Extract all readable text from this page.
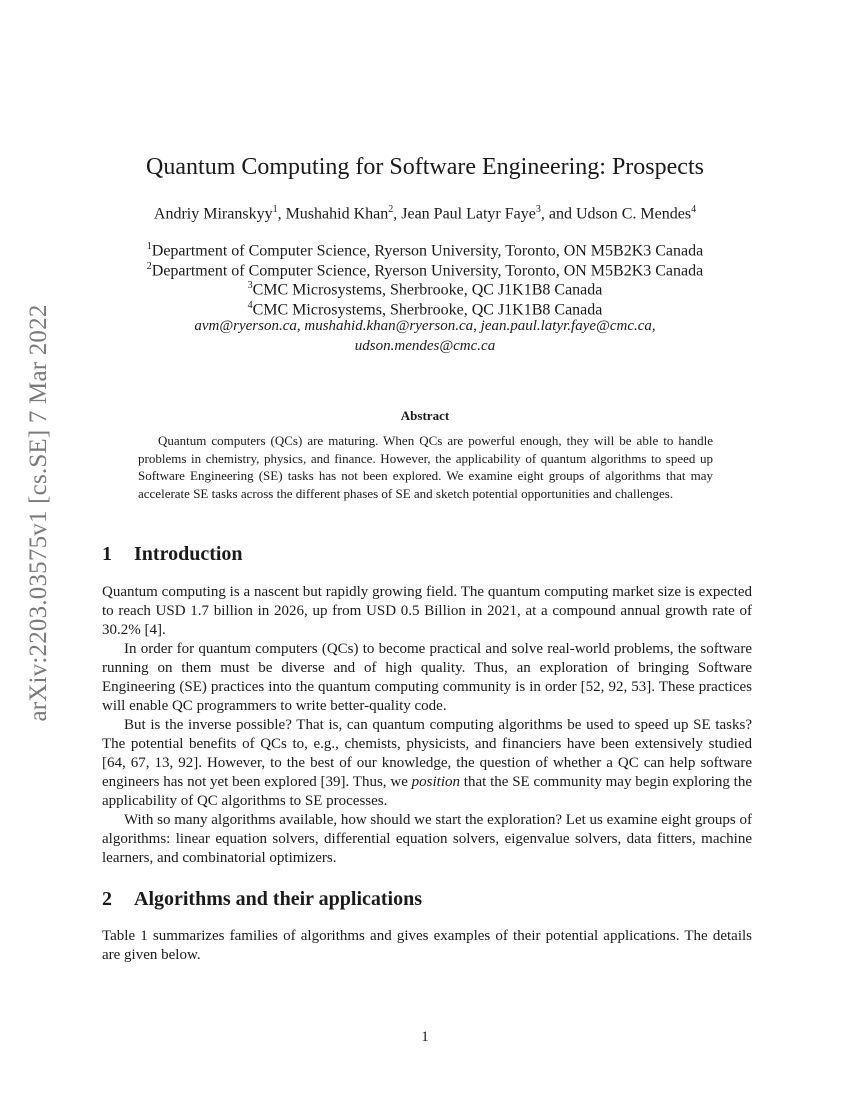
arXiv:2203.03575v1 [cs.SE] 7 Mar 2022
Quantum Computing for Software Engineering: Prospects
Andriy Miranskyy$^1$, Mushahid Khan$^2$, Jean Paul Latyr Faye$^3$, and Udson C. Mendes$^4$
$^1$Department of Computer Science, Ryerson University, Toronto, ON M5B2K3 Canada
$^2$Department of Computer Science, Ryerson University, Toronto, ON M5B2K3 Canada
$^3$CMC Microsystems, Sherbrooke, QC J1K1B8 Canada
$^4$CMC Microsystems, Sherbrooke, QC J1K1B8 Canada
avm@ryerson.ca, mushahid.khan@ryerson.ca, jean.paul.latyr.faye@cmc.ca,
udson.mendes@cmc.ca
Abstract
Quantum computers (QCs) are maturing. When QCs are powerful enough, they will be able to handle problems in chemistry, physics, and finance. However, the applicability of quantum algorithms to speed up Software Engineering (SE) tasks has not been explored. We examine eight groups of algorithms that may accelerate SE tasks across the different phases of SE and sketch potential opportunities and challenges.
1 Introduction

Quantum computing is a nascent but rapidly growing field. The quantum computing market size is expected to reach USD 1.7 billion in 2026, up from USD 0.5 Billion in 2021, at a compound annual growth rate of 30.2% [4].

In order for quantum computers (QCs) to become practical and solve real-world problems, the software running on them must be diverse and of high quality. Thus, an exploration of bringing Software Engineering (SE) practices into the quantum computing community is in order [52, 92, 53]. These practices will enable QC programmers to write better-quality code.

But is the inverse possible? That is, can quantum computing algorithms be used to speed up SE tasks? The potential benefits of QCs to, e.g., chemists, physicists, and financiers have been extensively studied [64, 67, 13, 92]. However, to the best of our knowledge, the question of whether a QC can help software engineers has not yet been explored [39]. Thus, we position that the SE community may begin exploring the applicability of QC algorithms to SE processes.

With so many algorithms available, how should we start the exploration? Let us examine eight groups of algorithms: linear equation solvers, differential equation solvers, eigenvalue solvers, data fitters, machine learners, and combinatorial optimizers.

2 Algorithms and their applications

Table 1 summarizes families of algorithms and gives examples of their potential applications. The details are given below.

1
